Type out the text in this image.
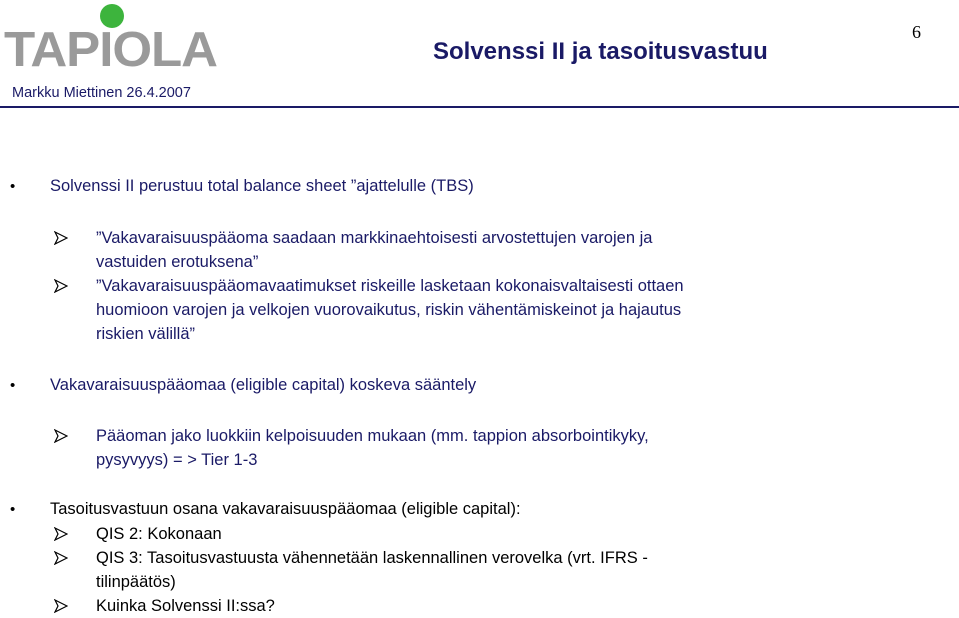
TAPIOLA	6
Solvenssi II ja tasoitusvastuu
Markku Miettinen 26.4.2007
• Solvenssi II perustuu total balance sheet ”ajattelulle (TBS)
”Vakavaraisuuspääoma saadaan markkinaehtoisesti arvostettujen varojen ja
vastuiden erotuksena”
”Vakavaraisuuspääomavaatimukset riskeille lasketaan kokonaisvaltaisesti ottaen
huomioon varojen ja velkojen vuorovaikutus, riskin vähentämiskeinot ja hajautus
riskien välillä”
• Vakavaraisuuspääomaa (eligible capital) koskeva sääntely
Pääoman jako luokkiin kelpoisuuden mukaan (mm. tappion absorbointikyky,
pysyvyys) = > Tier 1-3
• Tasoitusvastuun osana vakavaraisuuspääomaa (eligible capital):
QIS 2: Kokonaan
QIS 3: Tasoitusvastuusta vähennetään laskennallinen verovelka (vrt. IFRS -
tilinpäätös)
Kuinka Solvenssi II:ssa?
